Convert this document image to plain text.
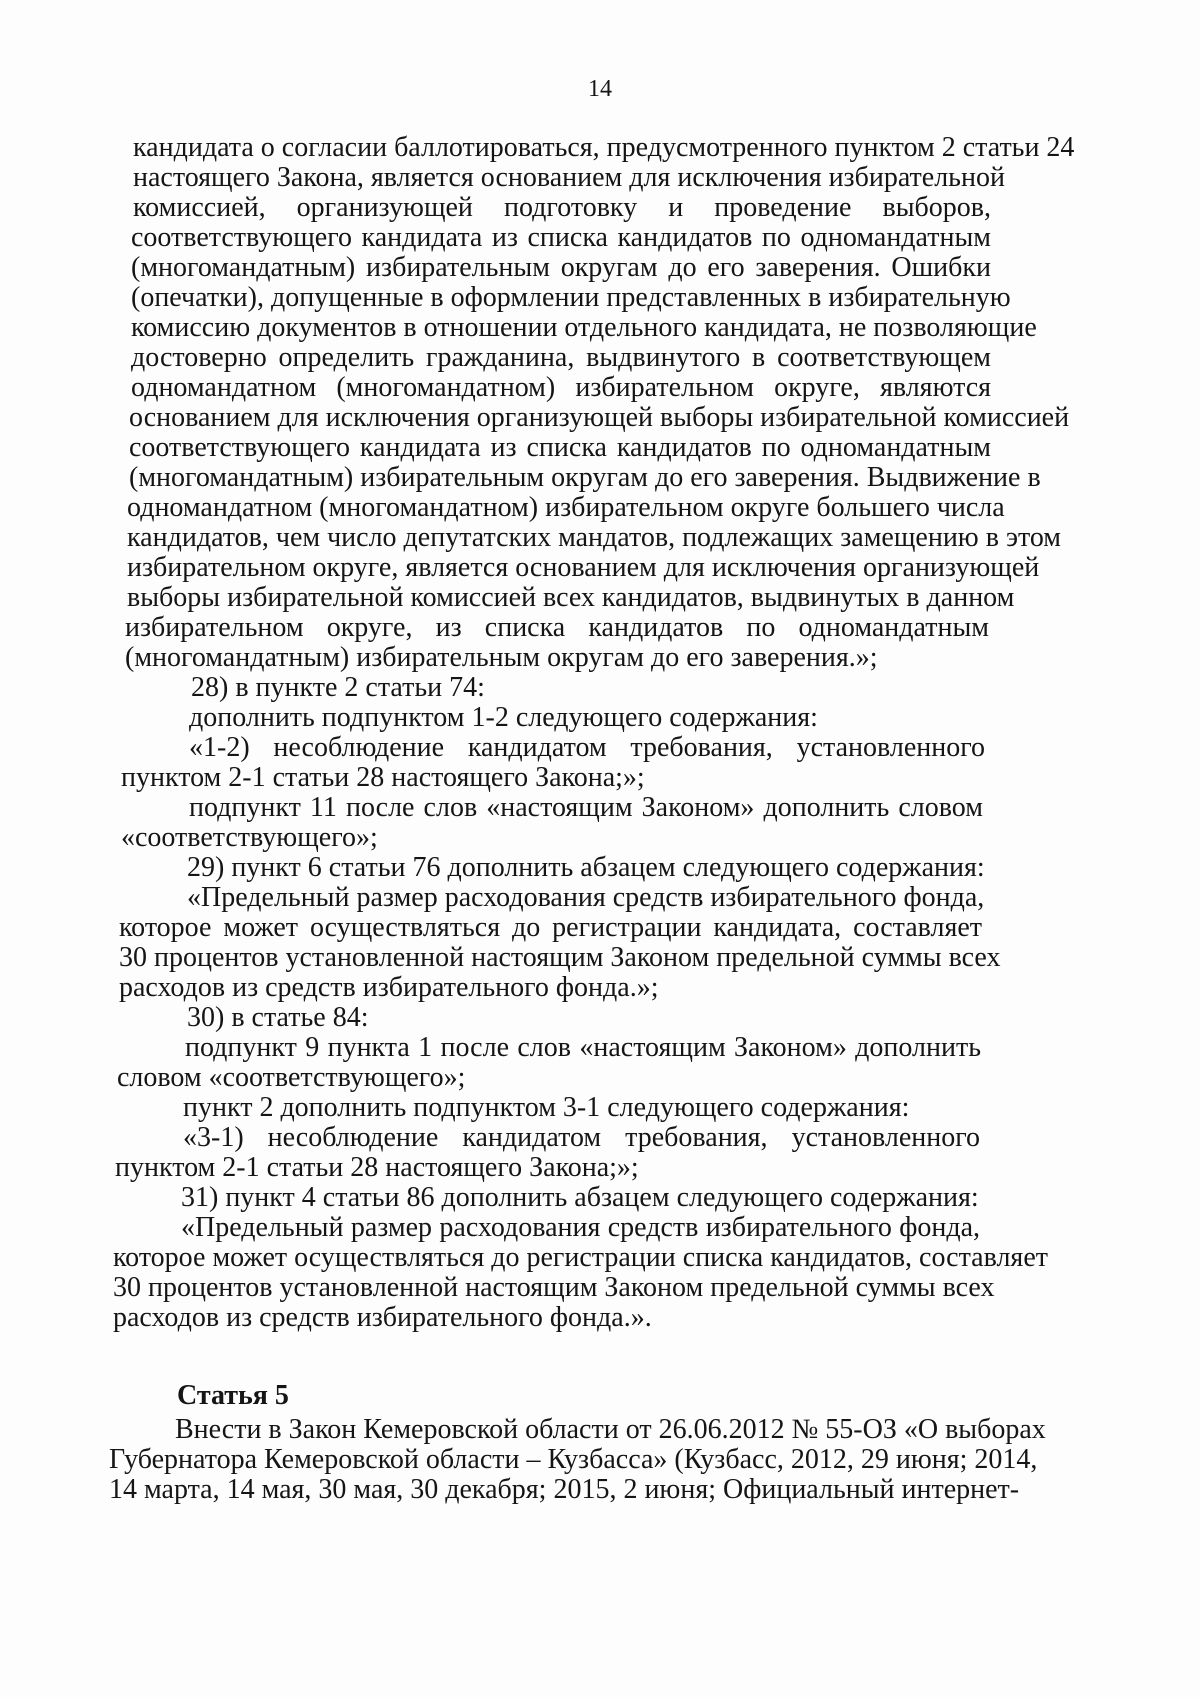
14
кандидата о согласии баллотироваться, предусмотренного пунктом 2 статьи 24
настоящего Закона, является основанием для исключения избирательной
комиссией, организующей подготовку и проведение выборов,
соответствующего кандидата из списка кандидатов по одномандатным
(многомандатным) избирательным округам до его заверения. Ошибки
(опечатки), допущенные в оформлении представленных в избирательную
комиссию документов в отношении отдельного кандидата, не позволяющие
достоверно определить гражданина, выдвинутого в соответствующем
одномандатном (многомандатном) избирательном округе, являются
основанием для исключения организующей выборы избирательной комиссией
соответствующего кандидата из списка кандидатов по одномандатным
(многомандатным) избирательным округам до его заверения. Выдвижение в
одномандатном (многомандатном) избирательном округе большего числа
кандидатов, чем число депутатских мандатов, подлежащих замещению в этом
избирательном округе, является основанием для исключения организующей
выборы избирательной комиссией всех кандидатов, выдвинутых в данном
избирательном округе, из списка кандидатов по одномандатным
(многомандатным) избирательным округам до его заверения.»;
28) в пункте 2 статьи 74:
дополнить подпунктом 1-2 следующего содержания:
«1-2) несоблюдение кандидатом требования, установленного
пунктом 2-1 статьи 28 настоящего Закона;»;
подпункт 11 после слов «настоящим Законом» дополнить словом
«соответствующего»;
29) пункт 6 статьи 76 дополнить абзацем следующего содержания:
«Предельный размер расходования средств избирательного фонда,
которое может осуществляться до регистрации кандидата, составляет
30 процентов установленной настоящим Законом предельной суммы всех
расходов из средств избирательного фонда.»;
30) в статье 84:
подпункт 9 пункта 1 после слов «настоящим Законом» дополнить
словом «соответствующего»;
пункт 2 дополнить подпунктом 3-1 следующего содержания:
«3-1) несоблюдение кандидатом требования, установленного
пунктом 2-1 статьи 28 настоящего Закона;»;
31) пункт 4 статьи 86 дополнить абзацем следующего содержания:
«Предельный размер расходования средств избирательного фонда,
которое может осуществляться до регистрации списка кандидатов, составляет
30 процентов установленной настоящим Законом предельной суммы всех
расходов из средств избирательного фонда.».
Статья 5
Внести в Закон Кемеровской области от 26.06.2012 № 55-ОЗ «О выборах
Губернатора Кемеровской области – Кузбасса» (Кузбасс, 2012, 29 июня; 2014,
14 марта, 14 мая, 30 мая, 30 декабря; 2015, 2 июня; Официальный интернет-
